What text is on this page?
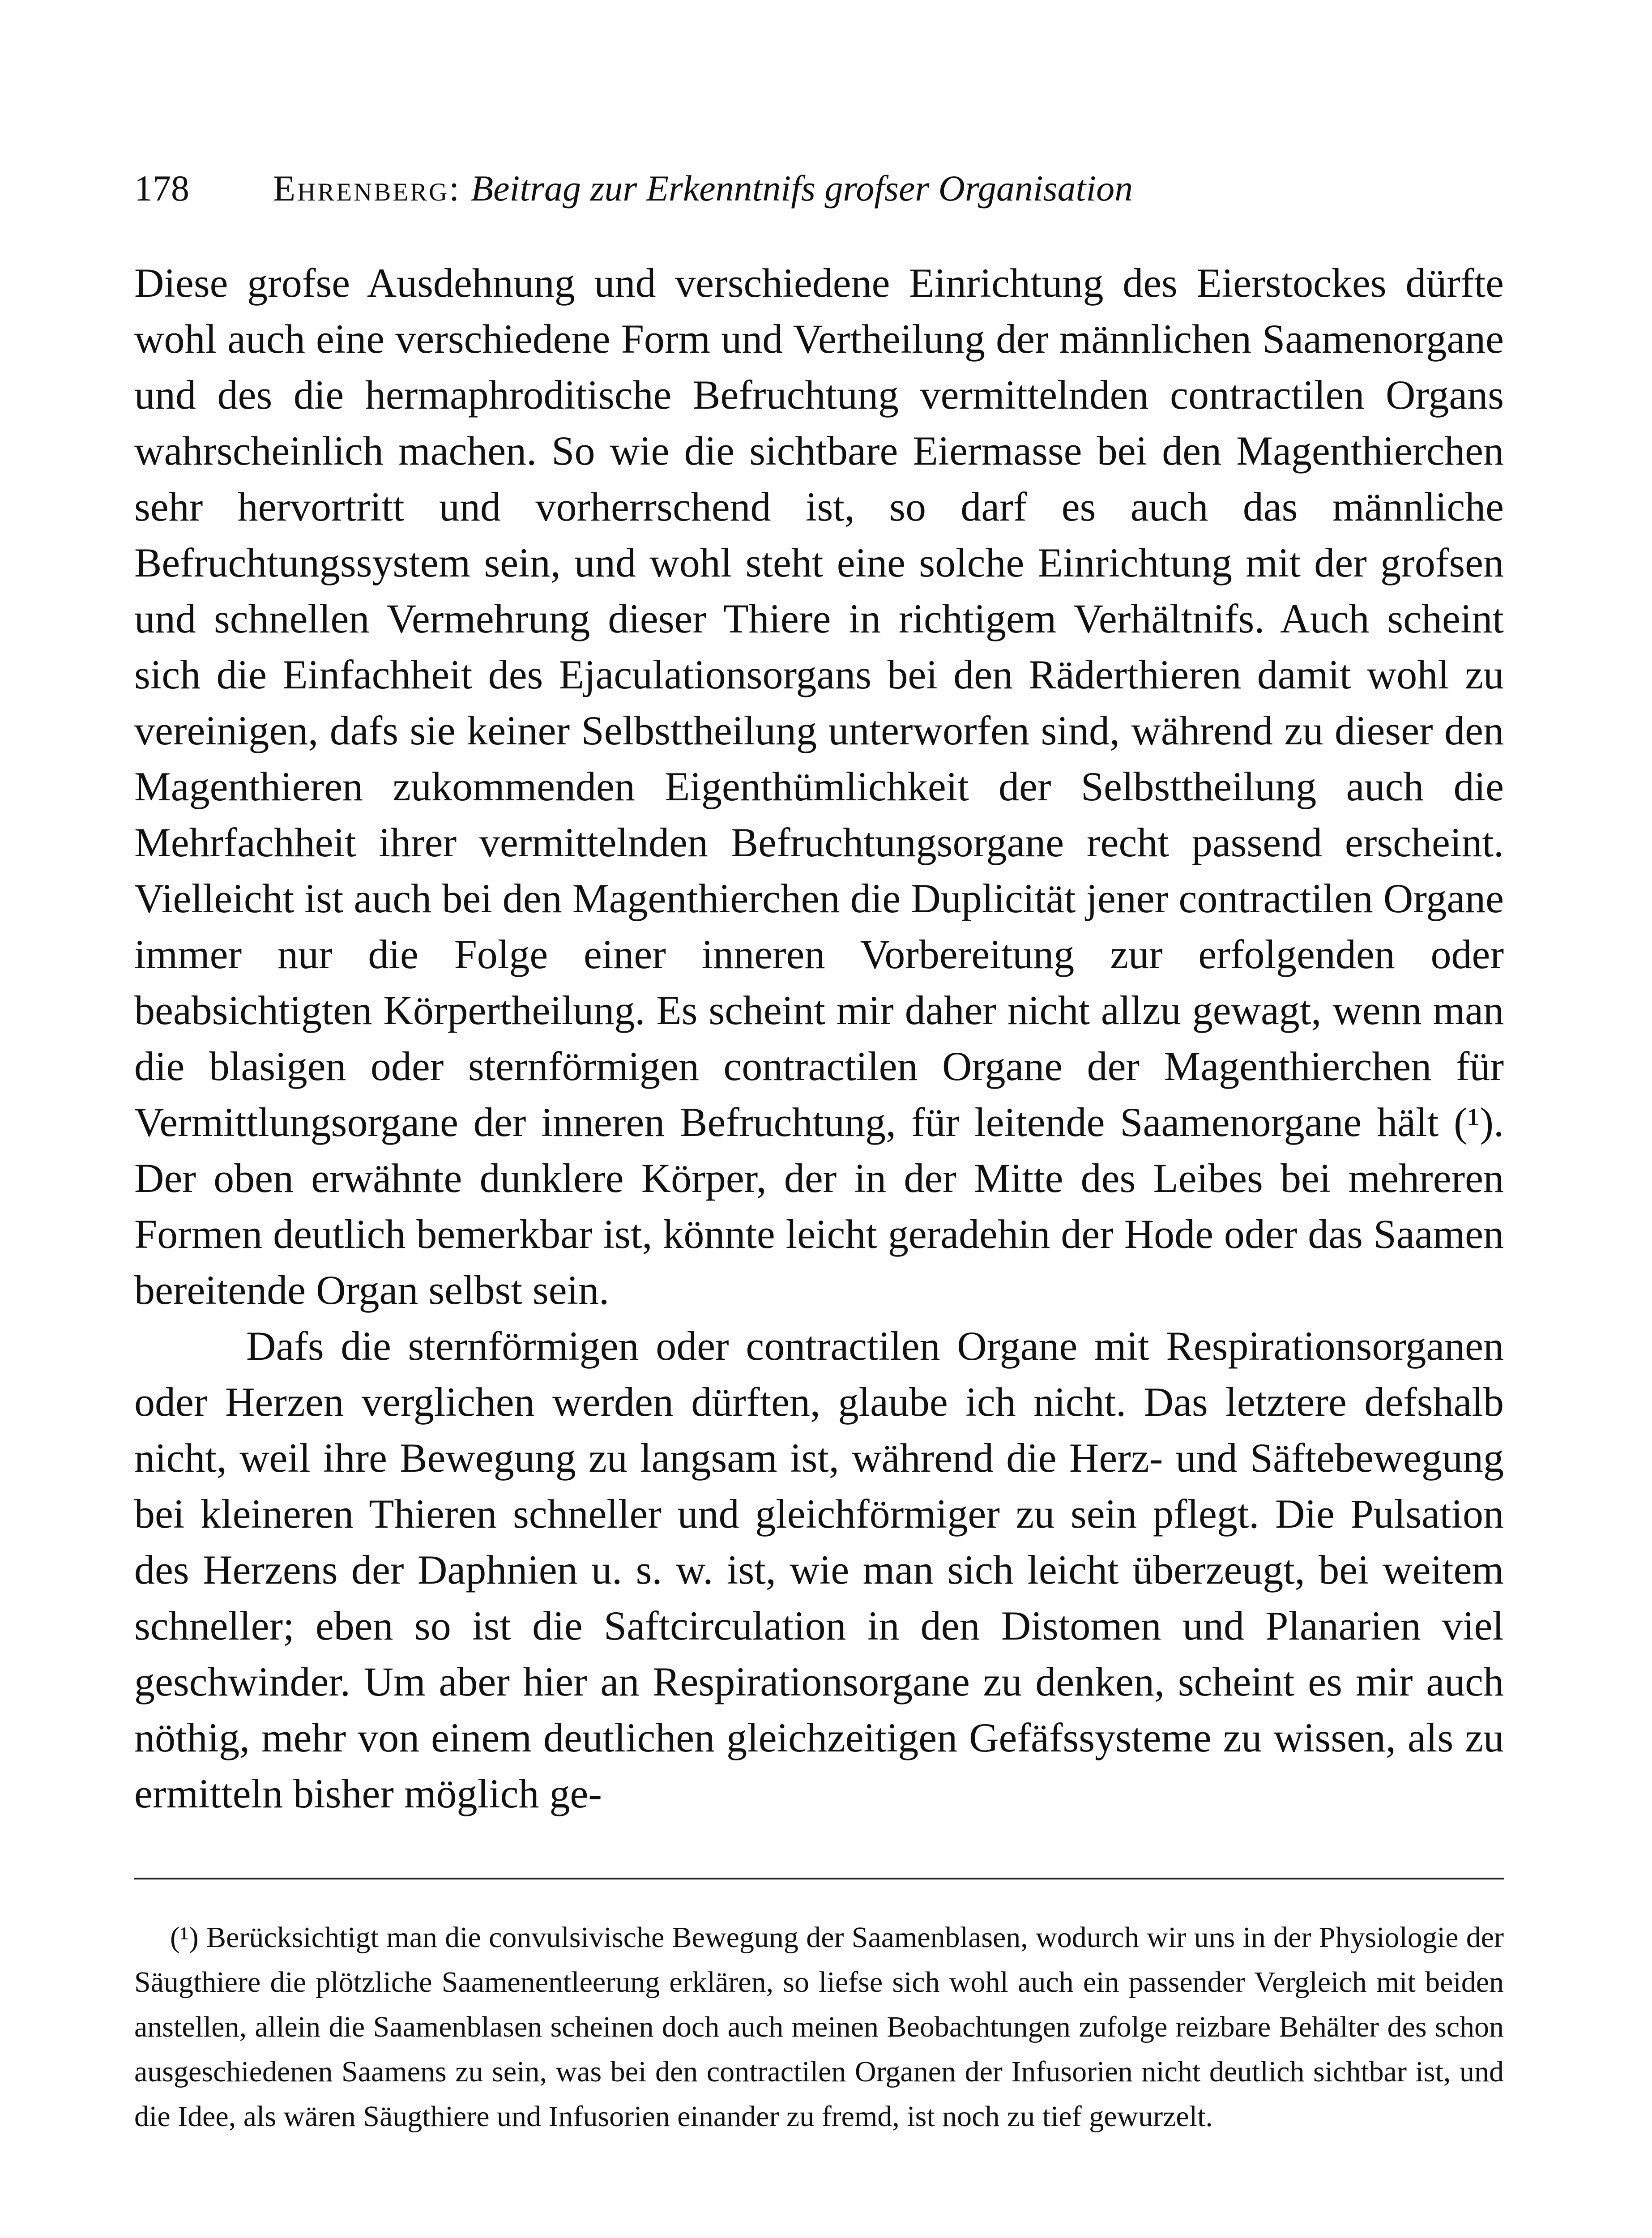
178	Ehrenberg: Beitrag zur Erkenntnifs grofser Organisation

Diese grofse Ausdehnung und verschiedene Einrichtung des Eierstockes dürfte wohl auch eine verschiedene Form und Vertheilung der männlichen Saamenorgane und des die hermaphroditische Befruchtung vermittelnden contractilen Organs wahrscheinlich machen. So wie die sichtbare Eiermasse bei den Magenthierchen sehr hervortritt und vorherrschend ist, so darf es auch das männliche Befruchtungssystem sein, und wohl steht eine solche Einrichtung mit der grofsen und schnellen Vermehrung dieser Thiere in richtigem Verhältnifs. Auch scheint sich die Einfachheit des Ejaculationsorgans bei den Räderthieren damit wohl zu vereinigen, dafs sie keiner Selbsttheilung unterworfen sind, während zu dieser den Magenthieren zukommenden Eigenthümlichkeit der Selbsttheilung auch die Mehrfachheit ihrer vermittelnden Befruchtungsorgane recht passend erscheint. Vielleicht ist auch bei den Magenthierchen die Duplicität jener contractilen Organe immer nur die Folge einer inneren Vorbereitung zur erfolgenden oder beabsichtigten Körpertheilung. Es scheint mir daher nicht allzu gewagt, wenn man die blasigen oder sternförmigen contractilen Organe der Magenthierchen für Vermittlungsorgane der inneren Befruchtung, für leitende Saamenorgane hält (¹). Der oben erwähnte dunklere Körper, der in der Mitte des Leibes bei mehreren Formen deutlich bemerkbar ist, könnte leicht geradehin der Hode oder das Saamen bereitende Organ selbst sein.

Dafs die sternförmigen oder contractilen Organe mit Respirationsorganen oder Herzen verglichen werden dürften, glaube ich nicht. Das letztere defshalb nicht, weil ihre Bewegung zu langsam ist, während die Herz- und Säftebewegung bei kleineren Thieren schneller und gleichförmiger zu sein pflegt. Die Pulsation des Herzens der Daphnien u. s. w. ist, wie man sich leicht überzeugt, bei weitem schneller; eben so ist die Saftcirculation in den Distomen und Planarien viel geschwinder. Um aber hier an Respirationsorgane zu denken, scheint es mir auch nöthig, mehr von einem deutlichen gleichzeitigen Gefäfssysteme zu wissen, als zu ermitteln bisher möglich ge-

(¹) Berücksichtigt man die convulsivische Bewegung der Saamenblasen, wodurch wir uns in der Physiologie der Säugthiere die plötzliche Saamenentleerung erklären, so liefse sich wohl auch ein passender Vergleich mit beiden anstellen, allein die Saamenblasen scheinen doch auch meinen Beobachtungen zufolge reizbare Behälter des schon ausgeschiedenen Saamens zu sein, was bei den contractilen Organen der Infusorien nicht deutlich sichtbar ist, und die Idee, als wären Säugthiere und Infusorien einander zu fremd, ist noch zu tief gewurzelt.
